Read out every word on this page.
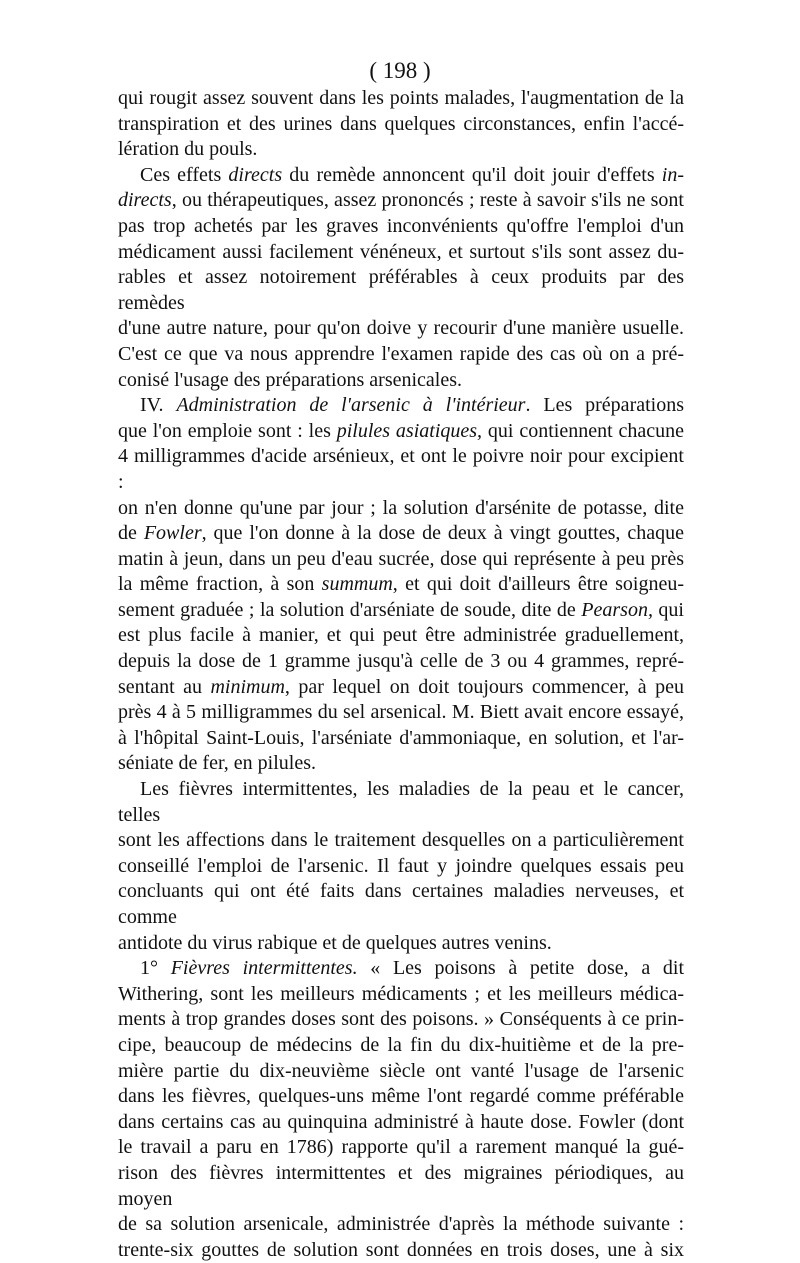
( 198 )

qui rougit assez souvent dans les points malades, l'augmentation de la
transpiration et des urines dans quelques circonstances, enfin l'accé-
lération du pouls.

Ces effets directs du remède annoncent qu'il doit jouir d'effets in-
directs, ou thérapeutiques, assez prononcés ; reste à savoir s'ils ne sont
pas trop achetés par les graves inconvénients qu'offre l'emploi d'un
médicament aussi facilement vénéneux, et surtout s'ils sont assez du-
rables et assez notoirement préférables à ceux produits par des remèdes
d'une autre nature, pour qu'on doive y recourir d'une manière usuelle.
C'est ce que va nous apprendre l'examen rapide des cas où on a pré-
conisé l'usage des préparations arsenicales.

IV. Administration de l'arsenic à l'intérieur. Les préparations
que l'on emploie sont : les pilules asiatiques, qui contiennent chacune
4 milligrammes d'acide arsénieux, et ont le poivre noir pour excipient :
on n'en donne qu'une par jour ; la solution d'arsénite de potasse, dite
de Fowler, que l'on donne à la dose de deux à vingt gouttes, chaque
matin à jeun, dans un peu d'eau sucrée, dose qui représente à peu près
la même fraction, à son summum, et qui doit d'ailleurs être soigneu-
sement graduée ; la solution d'arséniate de soude, dite de Pearson, qui
est plus facile à manier, et qui peut être administrée graduellement,
depuis la dose de 1 gramme jusqu'à celle de 3 ou 4 grammes, repré-
sentant au minimum, par lequel on doit toujours commencer, à peu
près 4 à 5 milligrammes du sel arsenical. M. Biett avait encore essayé,
à l'hôpital Saint-Louis, l'arséniate d'ammoniaque, en solution, et l'ar-
séniate de fer, en pilules.

Les fièvres intermittentes, les maladies de la peau et le cancer, telles
sont les affections dans le traitement desquelles on a particulièrement
conseillé l'emploi de l'arsenic. Il faut y joindre quelques essais peu
concluants qui ont été faits dans certaines maladies nerveuses, et comme
antidote du virus rabique et de quelques autres venins.

1° Fièvres intermittentes. « Les poisons à petite dose, a dit
Withering, sont les meilleurs médicaments ; et les meilleurs médica-
ments à trop grandes doses sont des poisons. » Conséquents à ce prin-
cipe, beaucoup de médecins de la fin du dix-huitième et de la pre-
mière partie du dix-neuvième siècle ont vanté l'usage de l'arsenic
dans les fièvres, quelques-uns même l'ont regardé comme préférable
dans certains cas au quinquina administré à haute dose. Fowler (dont
le travail a paru en 1786) rapporte qu'il a rarement manqué la gué-
rison des fièvres intermittentes et des migraines périodiques, au moyen
de sa solution arsenicale, administrée d'après la méthode suivante :
trente-six gouttes de solution sont données en trois doses, une à six
